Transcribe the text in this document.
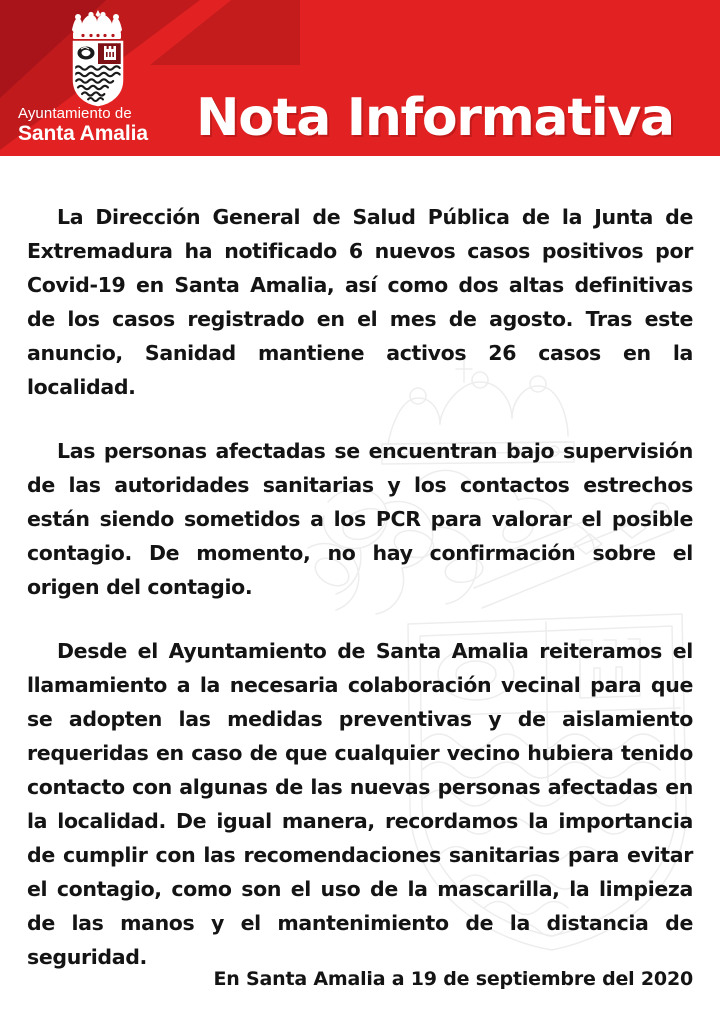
Ayuntamiento de
Santa Amalia Nota Informativa

La Dirección General de Salud Pública de la Junta de Extremadura ha notificado 6 nuevos casos positivos por Covid-19 en Santa Amalia, así como dos altas definitivas de los casos registrado en el mes de agosto. Tras este anuncio, Sanidad mantiene activos 26 casos en la localidad.

Las personas afectadas se encuentran bajo supervisión de las autoridades sanitarias y los contactos estrechos están siendo sometidos a los PCR para valorar el posible contagio. De momento, no hay confirmación sobre el origen del contagio.

Desde el Ayuntamiento de Santa Amalia reiteramos el llamamiento a la necesaria colaboración vecinal para que se adopten las medidas preventivas y de aislamiento requeridas en caso de que cualquier vecino hubiera tenido contacto con algunas de las nuevas personas afectadas en la localidad. De igual manera, recordamos la importancia de cumplir con las recomendaciones sanitarias para evitar el contagio, como son el uso de la mascarilla, la limpieza de las manos y el mantenimiento de la distancia de seguridad.

En Santa Amalia a 19 de septiembre del 2020
